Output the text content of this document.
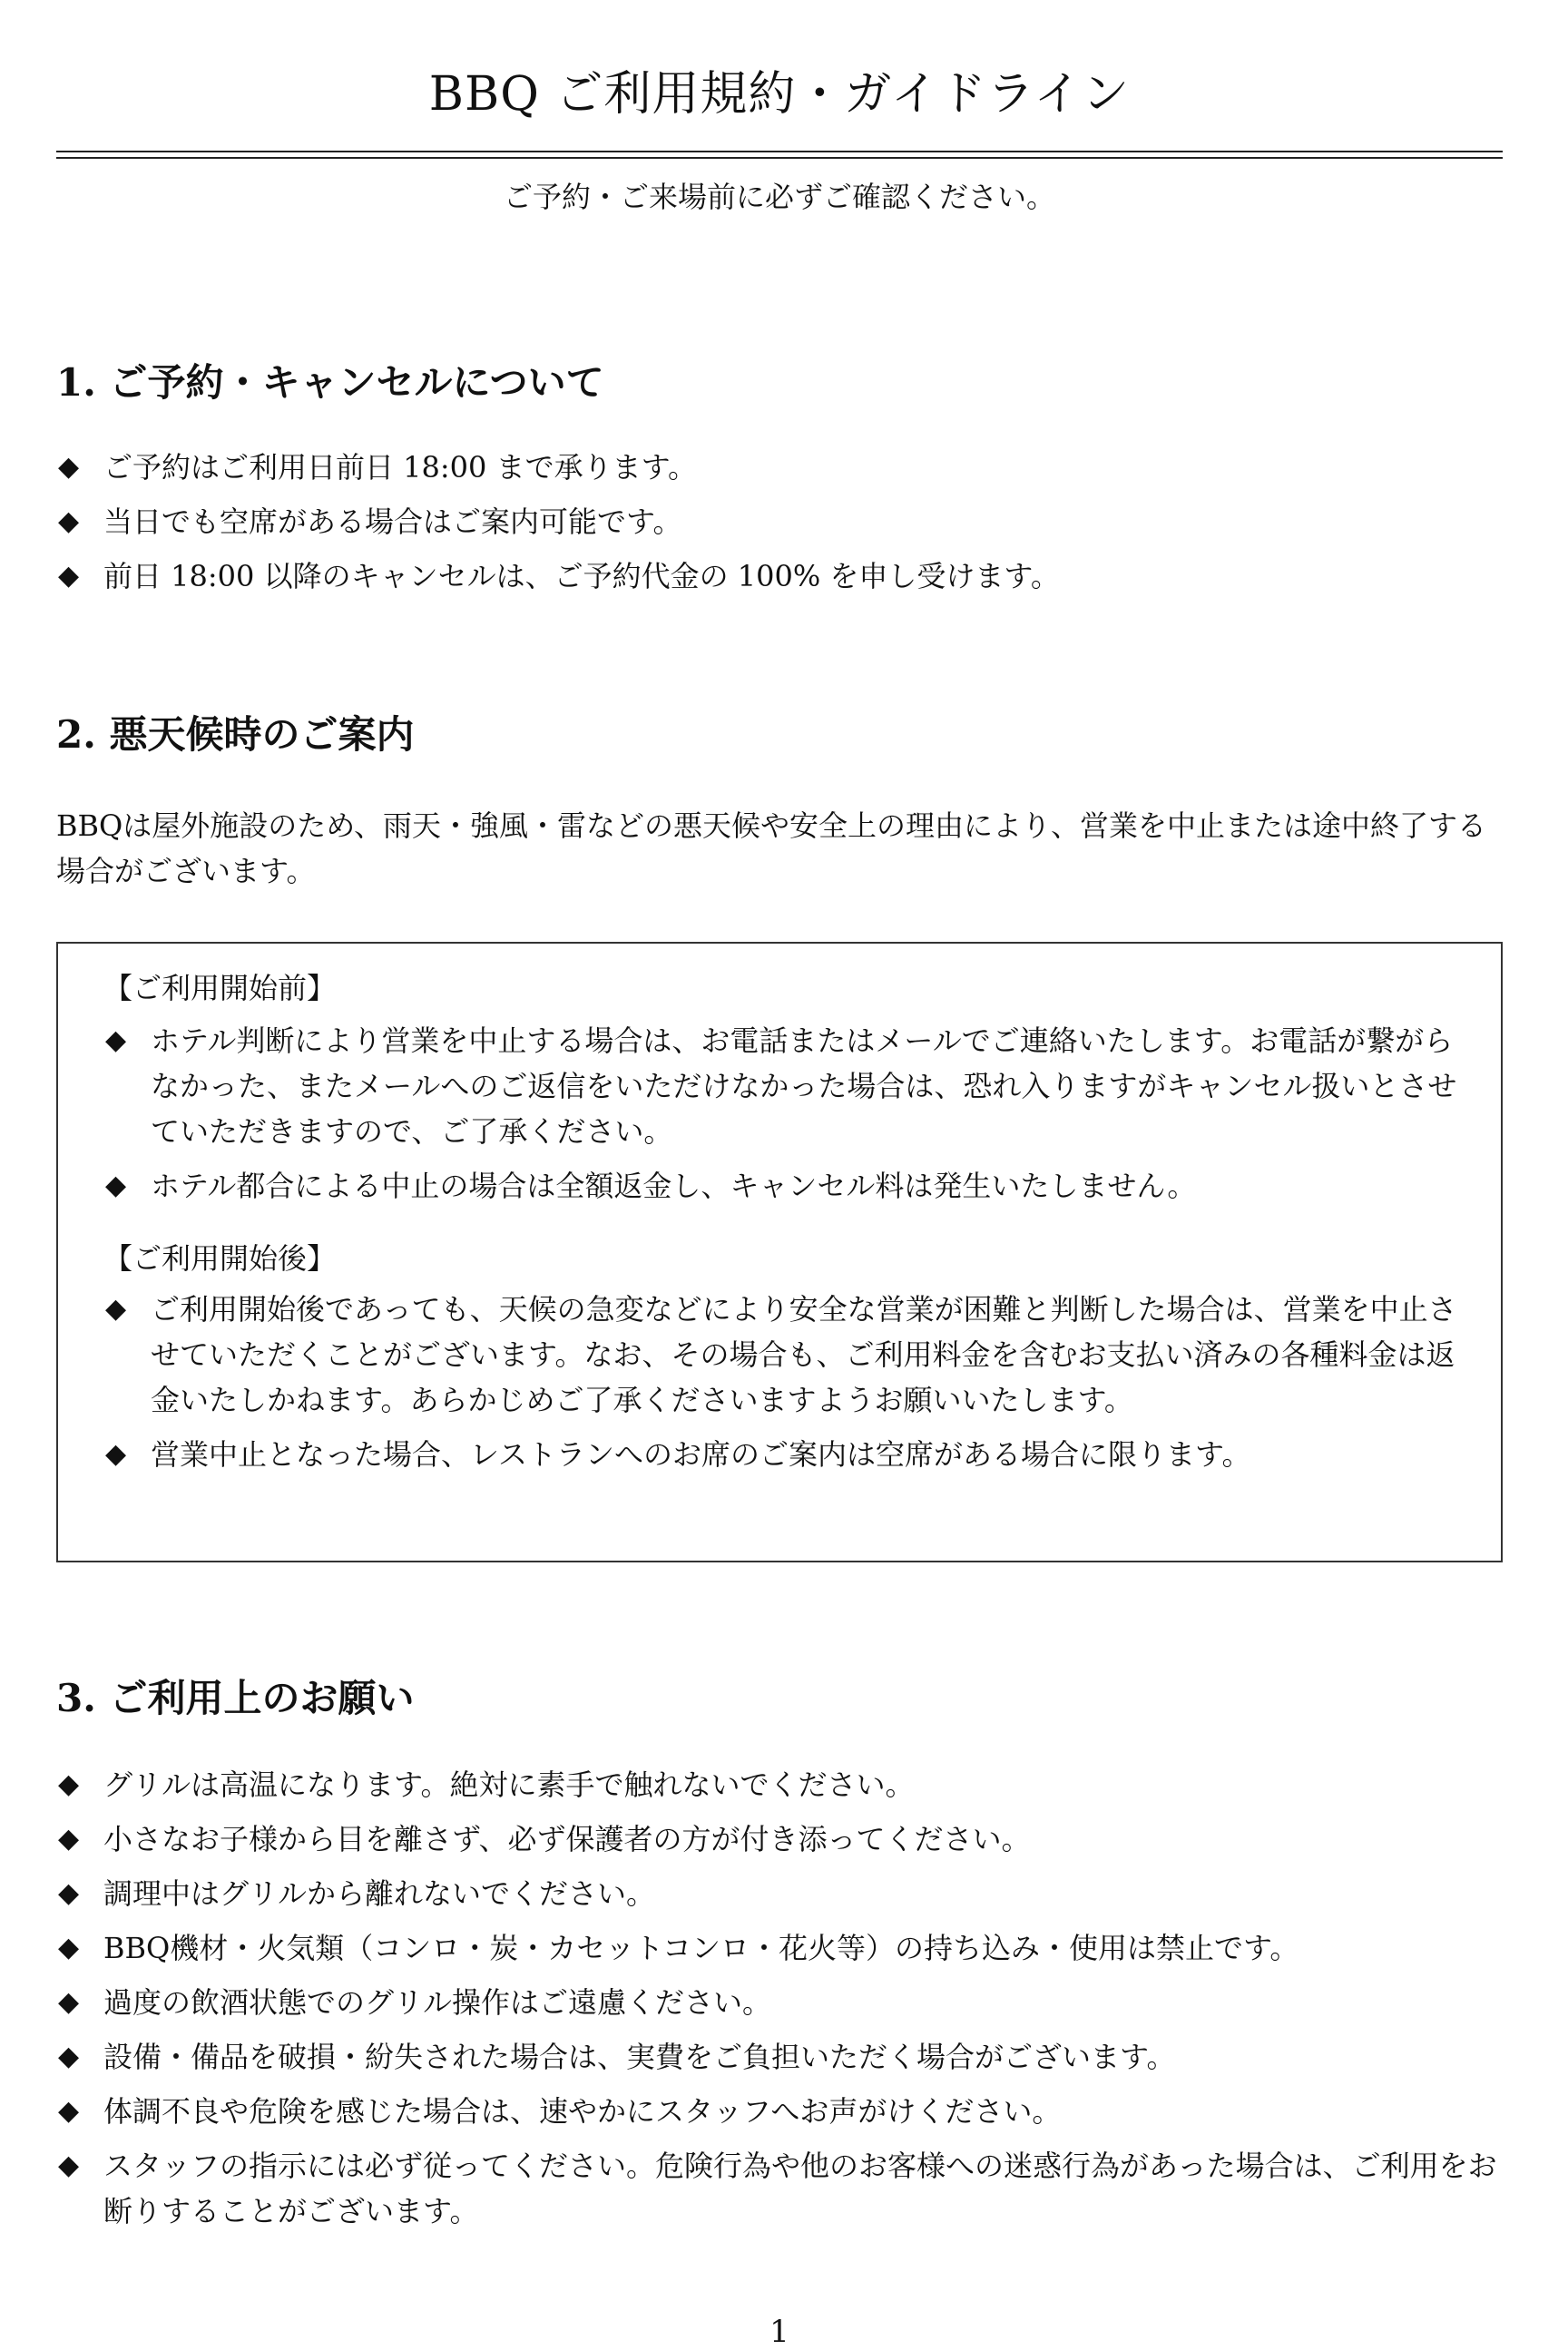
BBQ ご利用規約・ガイドライン
ご予約・ご来場前に必ずご確認ください。
1. ご予約・キャンセルについて
◆ ご予約はご利用日前日 18:00 まで承ります。
◆ 当日でも空席がある場合はご案内可能です。
◆ 前日 18:00 以降のキャンセルは、ご予約代金の 100% を申し受けます。
2. 悪天候時のご案内

BBQは屋外施設のため、雨天・強風・雷などの悪天候や安全上の理由により、営業を中止または途中終了する場合がございます。

【ご利用開始前】
◆ ホテル判断により営業を中止する場合は、お電話またはメールでご連絡いたします。お電話が繋がらなかった、またメールへのご返信をいただけなかった場合は、恐れ入りますがキャンセル扱いとさせていただきますので、ご了承ください。
◆ ホテル都合による中止の場合は全額返金し、キャンセル料は発生いたしません。
【ご利用開始後】
◆ ご利用開始後であっても、天候の急変などにより安全な営業が困難と判断した場合は、営業を中止させていただくことがございます。なお、その場合も、ご利用料金を含むお支払い済みの各種料金は返金いたしかねます。あらかじめご了承くださいますようお願いいたします。
◆ 営業中止となった場合、レストランへのお席のご案内は空席がある場合に限ります。
3. ご利用上のお願い
◆ グリルは高温になります。絶対に素手で触れないでください。
◆ 小さなお子様から目を離さず、必ず保護者の方が付き添ってください。
◆ 調理中はグリルから離れないでください。
◆ BBQ機材・火気類（コンロ・炭・カセットコンロ・花火等）の持ち込み・使用は禁止です。
◆ 過度の飲酒状態でのグリル操作はご遠慮ください。
◆ 設備・備品を破損・紛失された場合は、実費をご負担いただく場合がございます。
◆ 体調不良や危険を感じた場合は、速やかにスタッフへお声がけください。
◆ スタッフの指示には必ず従ってください。危険行為や他のお客様への迷惑行為があった場合は、ご利用をお断りすることがございます。
1
